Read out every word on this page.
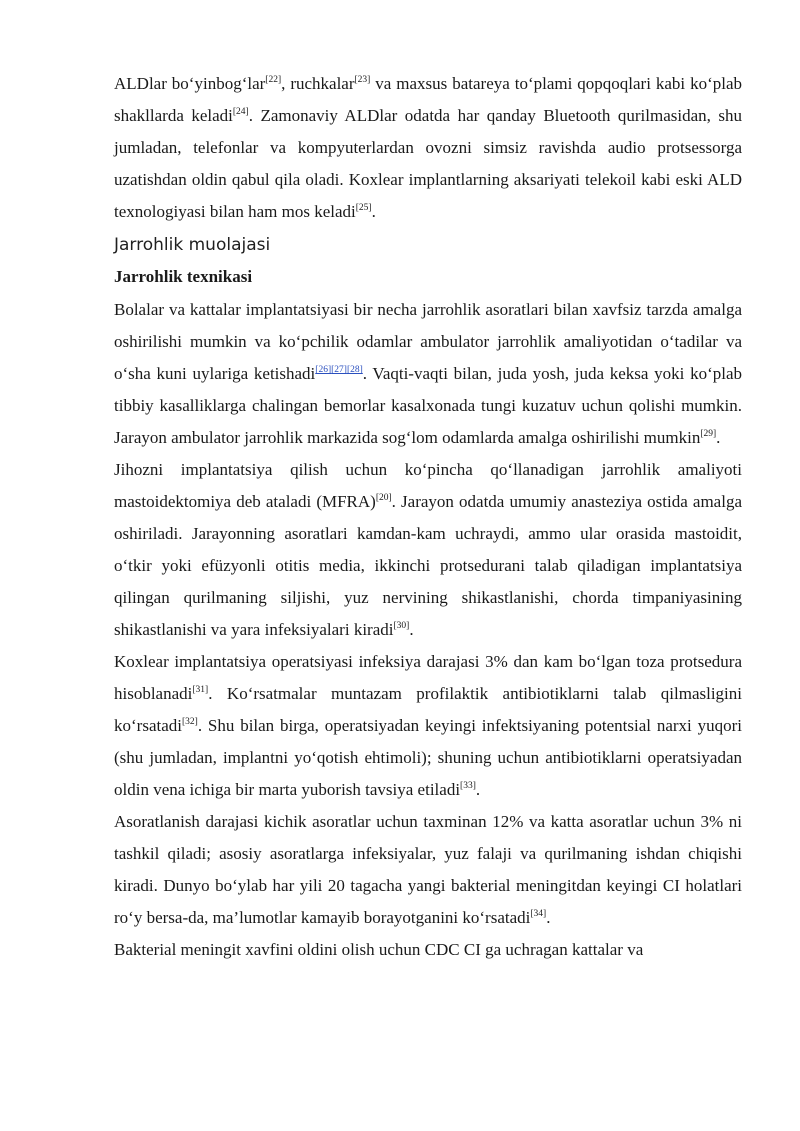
ALDlar bo‘yinbog‘lar[22], ruchkalar[23] va maxsus batareya to‘plami qopqoqlari kabi ko‘plab shakllarda keladi[24]. Zamonaviy ALDlar odatda har qanday Bluetooth qurilmasidan, shu jumladan, telefonlar va kompyuterlardan ovozni simsiz ravishda audio protsessorga uzatishdan oldin qabul qila oladi. Koxlear implantlarning aksariyati telekoil kabi eski ALD texnologiyasi bilan ham mos keladi[25].

Jarrohlik muolajasi
Jarrohlik texnikasi

Bolalar va kattalar implantatsiyasi bir necha jarrohlik asoratlari bilan xavfsiz tarzda amalga oshirilishi mumkin va ko‘pchilik odamlar ambulator jarrohlik amaliyotidan o‘tadilar va o‘sha kuni uylariga ketishadi[26][27][28]. Vaqti-vaqti bilan, juda yosh, juda keksa yoki ko‘plab tibbiy kasalliklarga chalingan bemorlar kasalxonada tungi kuzatuv uchun qolishi mumkin. Jarayon ambulator jarrohlik markazida sog‘lom odamlarda amalga oshirilishi mumkin[29].

Jihozni implantatsiya qilish uchun ko‘pincha qo‘llanadigan jarrohlik amaliyoti mastoidektomiya deb ataladi (MFRA)[20]. Jarayon odatda umumiy anasteziya ostida amalga oshiriladi. Jarayonning asoratlari kamdan-kam uchraydi, ammo ular orasida mastoidit, o‘tkir yoki efüzyonli otitis media, ikkinchi protsedurani talab qiladigan implantatsiya qilingan qurilmaning siljishi, yuz nervining shikastlanishi, chorda timpaniyasining shikastlanishi va yara infeksiyalari kiradi[30].

Koxlear implantatsiya operatsiyasi infeksiya darajasi 3% dan kam bo‘lgan toza protsedura hisoblanadi[31]. Ko‘rsatmalar muntazam profilaktik antibiotiklarni talab qilmasligini ko‘rsatadi[32]. Shu bilan birga, operatsiyadan keyingi infektsiyaning potentsial narxi yuqori (shu jumladan, implantni yo‘qotish ehtimoli); shuning uchun antibiotiklarni operatsiyadan oldin vena ichiga bir marta yuborish tavsiya etiladi[33].

Asoratlanish darajasi kichik asoratlar uchun taxminan 12% va katta asoratlar uchun 3% ni tashkil qiladi; asosiy asoratlarga infeksiyalar, yuz falaji va qurilmaning ishdan chiqishi kiradi. Dunyo bo‘ylab har yili 20 tagacha yangi bakterial meningitdan keyingi CI holatlari ro‘y bersa-da, ma’lumotlar kamayib borayotganini ko‘rsatadi[34].

Bakterial meningit xavfini oldini olish uchun CDC CI ga uchragan kattalar va
